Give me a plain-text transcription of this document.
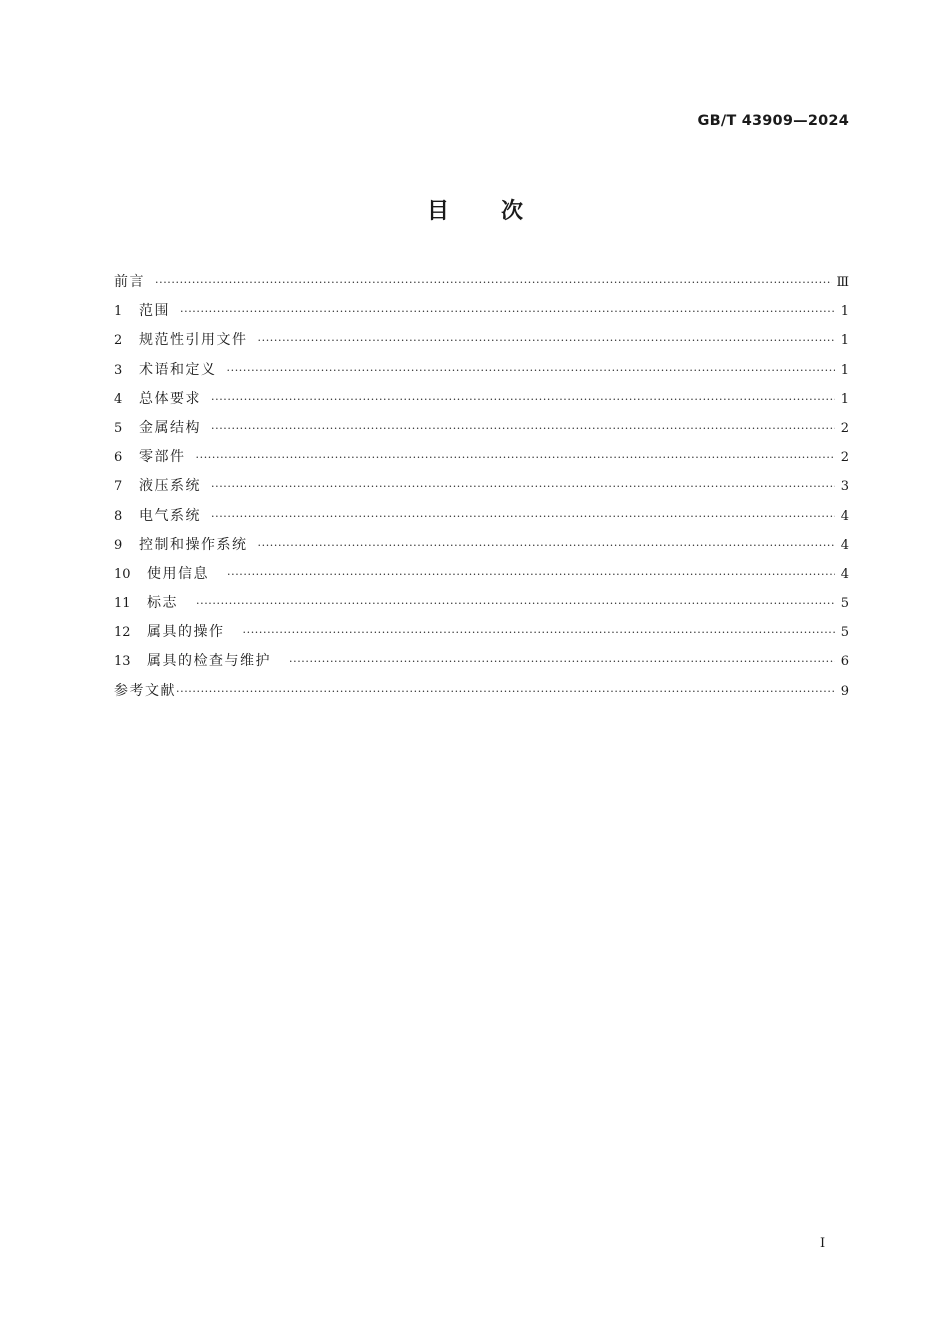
GB/T 43909—2024
目次
前言 ·····	Ⅲ
1	范围 ·····	1
2	规范性引用文件 ·····	1
3	术语和定义 ·····	1
4	总体要求 ·····	1
5	金属结构 ·····	2
6	零部件 ·····	2
7	液压系统 ·····	3
8	电气系统 ·····	4
9	控制和操作系统 ·····	4
10	使用信息 ·····	4
11	标志 ·····	5
12	属具的操作 ·····	5
13	属具的检查与维护 ·····	6
参考文献 ·····	9
I
